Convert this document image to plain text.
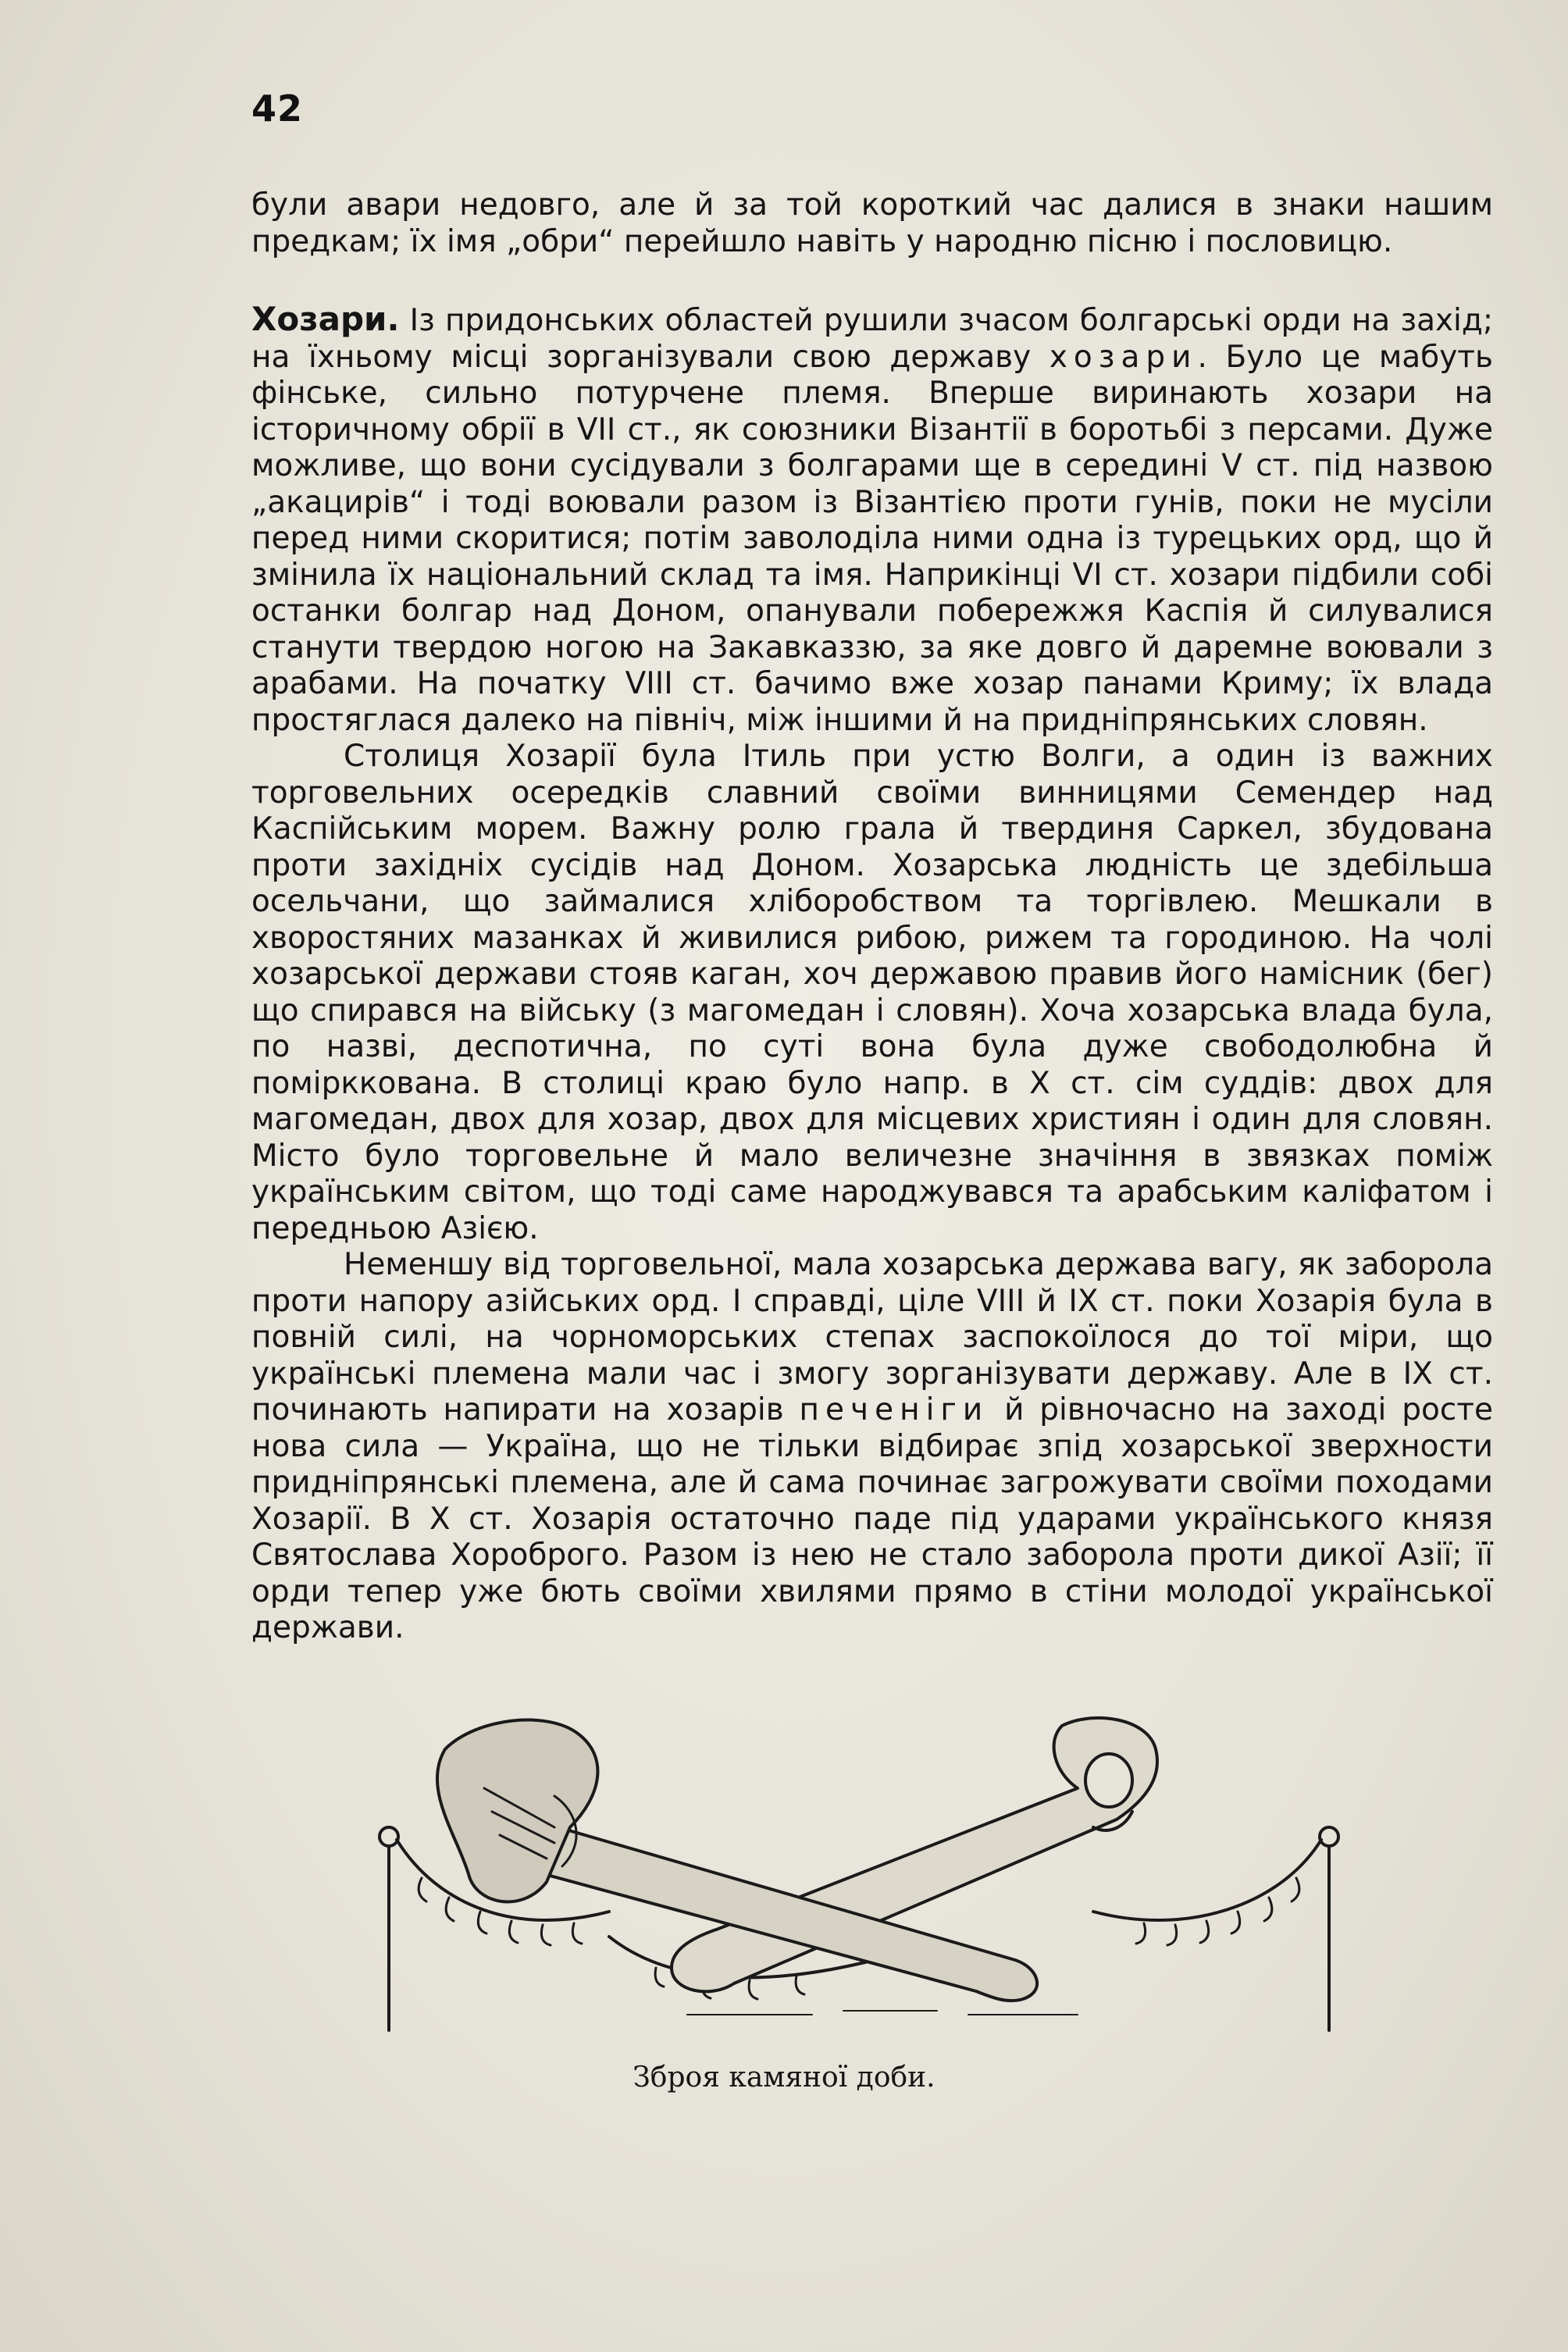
42

були авари недовго, але й за той короткий час далися в знаки нашим предкам; їх імя „обри“ перейшло навіть у народню пісню і пословицю.

Хозари. Із придонських областей рушили зчасом болгарські орди на захід; на їхньому місці зорганізували свою державу хозари. Було це мабуть фінське, сильно потурчене племя. Вперше виринають хозари на історичному обрії в VII ст., як союзники Візантії в боротьбі з персами. Дуже можливе, що вони сусідували з болгарами ще в середині V ст. під назвою „акацирів“ і тоді воювали разом із Візантією проти гунів, поки не мусіли перед ними скоритися; потім заволоділа ними одна із турецьких орд, що й змінила їх національний склад та імя. Наприкінці VI ст. хозари підбили собі останки болгар над Доном, опанували побережжя Каспія й силувалися станути твердою ногою на Закавказзю, за яке довго й даремне воювали з арабами. На початку VIII ст. бачимо вже хозар панами Криму; їх влада простяглася далеко на північ, між іншими й на придніпрянських словян.

Столиця Хозарії була Ітиль при устю Волги, а один із важних торговельних осередків славний своїми винницями Семендер над Каспійським морем. Важну ролю грала й твердиня Саркел, збудована проти західніх сусідів над Доном. Хозарська людність це здебільша осельчани, що займалися хліборобством та торгівлею. Мешкали в хворостяних мазанках й живилися рибою, рижем та городиною. На чолі хозарської держави стояв каган, хоч державою правив його намісник (бег) що спирався на війську (з магомедан і словян). Хоча хозарська влада була, по назві, деспотична, по суті вона була дуже свободолюбна й помірккована. В столиці краю було напр. в X ст. сім суддів: двох для магомедан, двох для хозар, двох для місцевих християн і один для словян. Місто було торговельне й мало величезне значіння в звязках поміж українським світом, що тоді саме народжувався та арабським каліфатом і передньою Азією.

Неменшу від торговельної, мала хозарська держава вагу, як заборола проти напору азійських орд. І справді, ціле VIII й IX ст. поки Хозарія була в повній силі, на чорноморських степах заспокоїлося до тої міри, що українські племена мали час і змогу зорганізувати державу. Але в IX ст. починають напирати на хозарів печеніги й рівночасно на заході росте нова сила — Україна, що не тільки відбирає зпід хозарської зверхности придніпрянські племена, але й сама починає загрожувати своїми походами Хозарії. В X ст. Хозарія остаточно паде під ударами українського князя Святослава Хороброго. Разом із нею не стало заборола проти дикої Азії; її орди тепер уже бють своїми хвилями прямо в стіни молодої української держави.

Зброя камяної доби.
